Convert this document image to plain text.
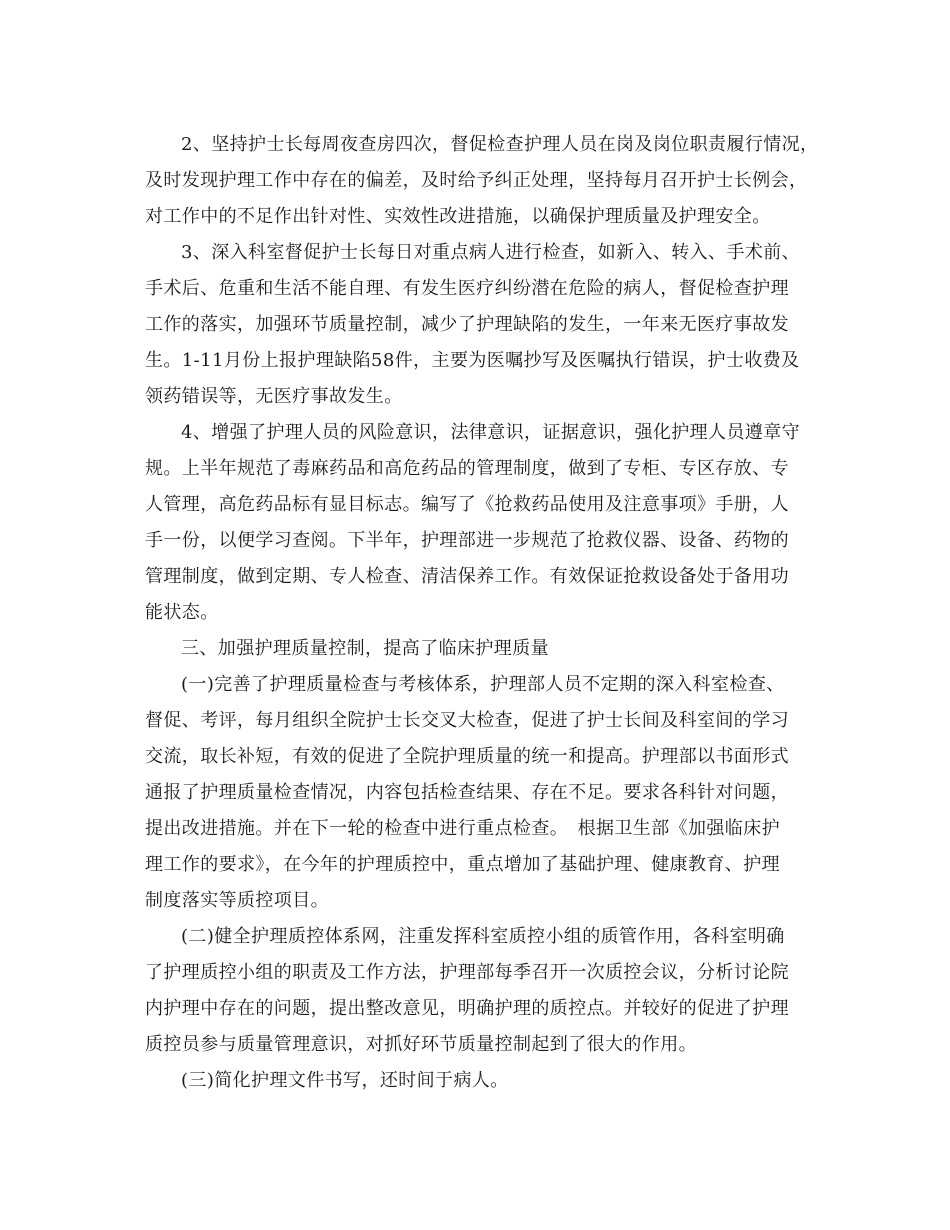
2、坚持护士长每周夜查房四次，督促检查护理人员在岗及岗位职责履行情况，
及时发现护理工作中存在的偏差，及时给予纠正处理，坚持每月召开护士长例会，
对工作中的不足作出针对性、实效性改进措施，以确保护理质量及护理安全。
3、深入科室督促护士长每日对重点病人进行检查，如新入、转入、手术前、
手术后、危重和生活不能自理、有发生医疗纠纷潜在危险的病人，督促检查护理
工作的落实，加强环节质量控制，减少了护理缺陷的发生，一年来无医疗事故发
生。1-11月份上报护理缺陷58件，主要为医嘱抄写及医嘱执行错误，护士收费及
领药错误等，无医疗事故发生。
4、增强了护理人员的风险意识，法律意识，证据意识，强化护理人员遵章守
规。上半年规范了毒麻药品和高危药品的管理制度，做到了专柜、专区存放、专
人管理，高危药品标有显目标志。编写了《抢救药品使用及注意事项》手册，人
手一份，以便学习查阅。下半年，护理部进一步规范了抢救仪器、设备、药物的
管理制度，做到定期、专人检查、清洁保养工作。有效保证抢救设备处于备用功
能状态。
三、加强护理质量控制，提高了临床护理质量
(一)完善了护理质量检查与考核体系，护理部人员不定期的深入科室检查、
督促、考评，每月组织全院护士长交叉大检查，促进了护士长间及科室间的学习
交流，取长补短，有效的促进了全院护理质量的统一和提高。护理部以书面形式
通报了护理质量检查情况，内容包括检查结果、存在不足。要求各科针对问题，
提出改进措施。并在下一轮的检查中进行重点检查。　根据卫生部《加强临床护
理工作的要求》，在今年的护理质控中，重点增加了基础护理、健康教育、护理
制度落实等质控项目。
(二)健全护理质控体系网，注重发挥科室质控小组的质管作用，各科室明确
了护理质控小组的职责及工作方法，护理部每季召开一次质控会议，分析讨论院
内护理中存在的问题，提出整改意见，明确护理的质控点。并较好的促进了护理
质控员参与质量管理意识，对抓好环节质量控制起到了很大的作用。
(三)简化护理文件书写，还时间于病人。
